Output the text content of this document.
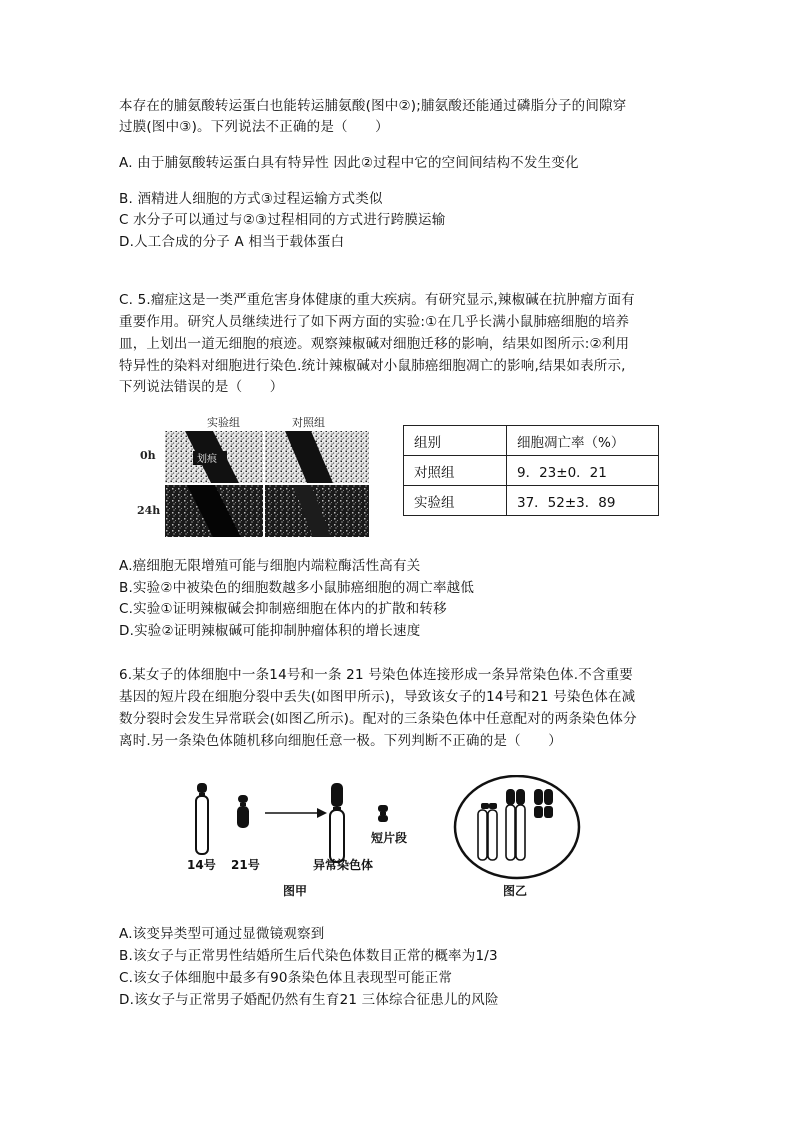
本存在的脯氨酸转运蛋白也能转运脯氨酸(图中②);脯氨酸还能通过磷脂分子的间隙穿
过膜(图中③)。下列说法不正确的是（　　）
A. 由于脯氨酸转运蛋白具有特异性 因此②过程中它的空间间结构不发生变化
B. 酒精进人细胞的方式③过程运输方式类似
C 水分子可以通过与②③过程相同的方式进行跨膜运输
D.人工合成的分子 A 相当于载体蛋白
C. 5.瘤症这是一类严重危害身体健康的重大疾病。有研究显示,辣椒碱在抗肿瘤方面有
重要作用。研究人员继续进行了如下两方面的实验:①在几乎长满小鼠肺癌细胞的培养
皿，上划出一道无细胞的痕迹。观察辣椒碱对细胞迁移的影响，结果如图所示:②利用
特异性的染料对细胞进行染色.统计辣椒碱对小鼠肺癌细胞凋亡的影响,结果如表所示,
下列说法错误的是（　　）
实验组	对照组
0h
24h
划痕
组别	细胞凋亡率（%）
对照组	9．23±0．21
实验组	37．52±3．89
A.癌细胞无限增殖可能与细胞内端粒酶活性高有关
B.实验②中被染色的细胞数越多小鼠肺癌细胞的凋亡率越低
C.实验①证明辣椒碱会抑制癌细胞在体内的扩散和转移
D.实验②证明辣椒碱可能抑制肿瘤体积的增长速度
6.某女子的体细胞中一条14号和一条 21 号染色体连接形成一条异常染色体.不含重要
基因的短片段在细胞分裂中丢失(如图甲所示)，导致该女子的14号和21 号染色体在减
数分裂时会发生异常联会(如图乙所示)。配对的三条染色体中任意配对的两条染色体分
离时.另一条染色体随机移向细胞任意一极。下列判断不正确的是（　　）
短片段
14号 21号	异常染色体
图甲	图乙
A.该变异类型可通过显微镜观察到
B.该女子与正常男性结婚所生后代染色体数目正常的概率为1/3
C.该女子体细胞中最多有90条染色体且表现型可能正常
D.该女子与正常男子婚配仍然有生育21 三体综合征患儿的风险
